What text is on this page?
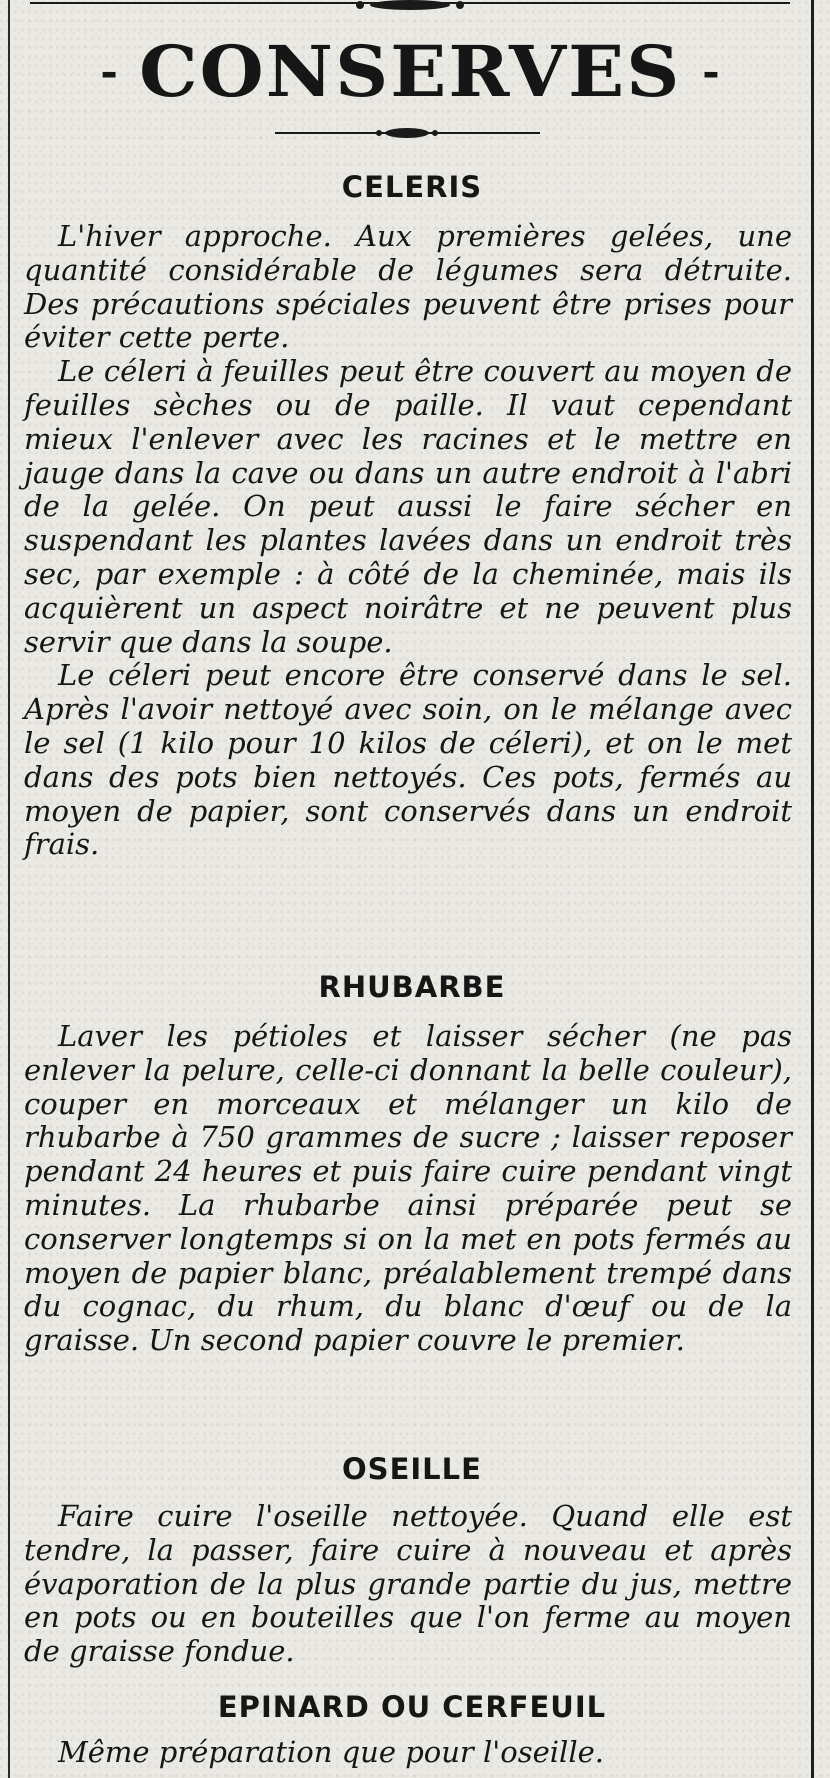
- CONSERVES -
CELERIS

L'hiver approche. Aux premières gelées, une quantité considérable de légumes sera détruite. Des précautions spéciales peuvent être prises pour éviter cette perte.

Le céleri à feuilles peut être couvert au moyen de feuilles sèches ou de paille. Il vaut cependant mieux l'enlever avec les racines et le mettre en jauge dans la cave ou dans un autre endroit à l'abri de la gelée. On peut aussi le faire sécher en suspendant les plantes lavées dans un endroit très sec, par exemple : à côté de la cheminée, mais ils acquièrent un aspect noirâtre et ne peuvent plus servir que dans la soupe.

Le céleri peut encore être conservé dans le sel. Après l'avoir nettoyé avec soin, on le mélange avec le sel (1 kilo pour 10 kilos de céleri), et on le met dans des pots bien nettoyés. Ces pots, fermés au moyen de papier, sont conservés dans un endroit frais.

RHUBARBE

Laver les pétioles et laisser sécher (ne pas enlever la pelure, celle-ci donnant la belle couleur), couper en morceaux et mélanger un kilo de rhubarbe à 750 grammes de sucre ; laisser reposer pendant 24 heures et puis faire cuire pendant vingt minutes. La rhubarbe ainsi préparée peut se conserver longtemps si on la met en pots fermés au moyen de papier blanc, préalablement trempé dans du cognac, du rhum, du blanc d'œuf ou de la graisse. Un second papier couvre le premier.

OSEILLE

Faire cuire l'oseille nettoyée. Quand elle est tendre, la passer, faire cuire à nouveau et après évaporation de la plus grande partie du jus, mettre en pots ou en bouteilles que l'on ferme au moyen de graisse fondue.

EPINARD OU CERFEUIL

Même préparation que pour l'oseille.
